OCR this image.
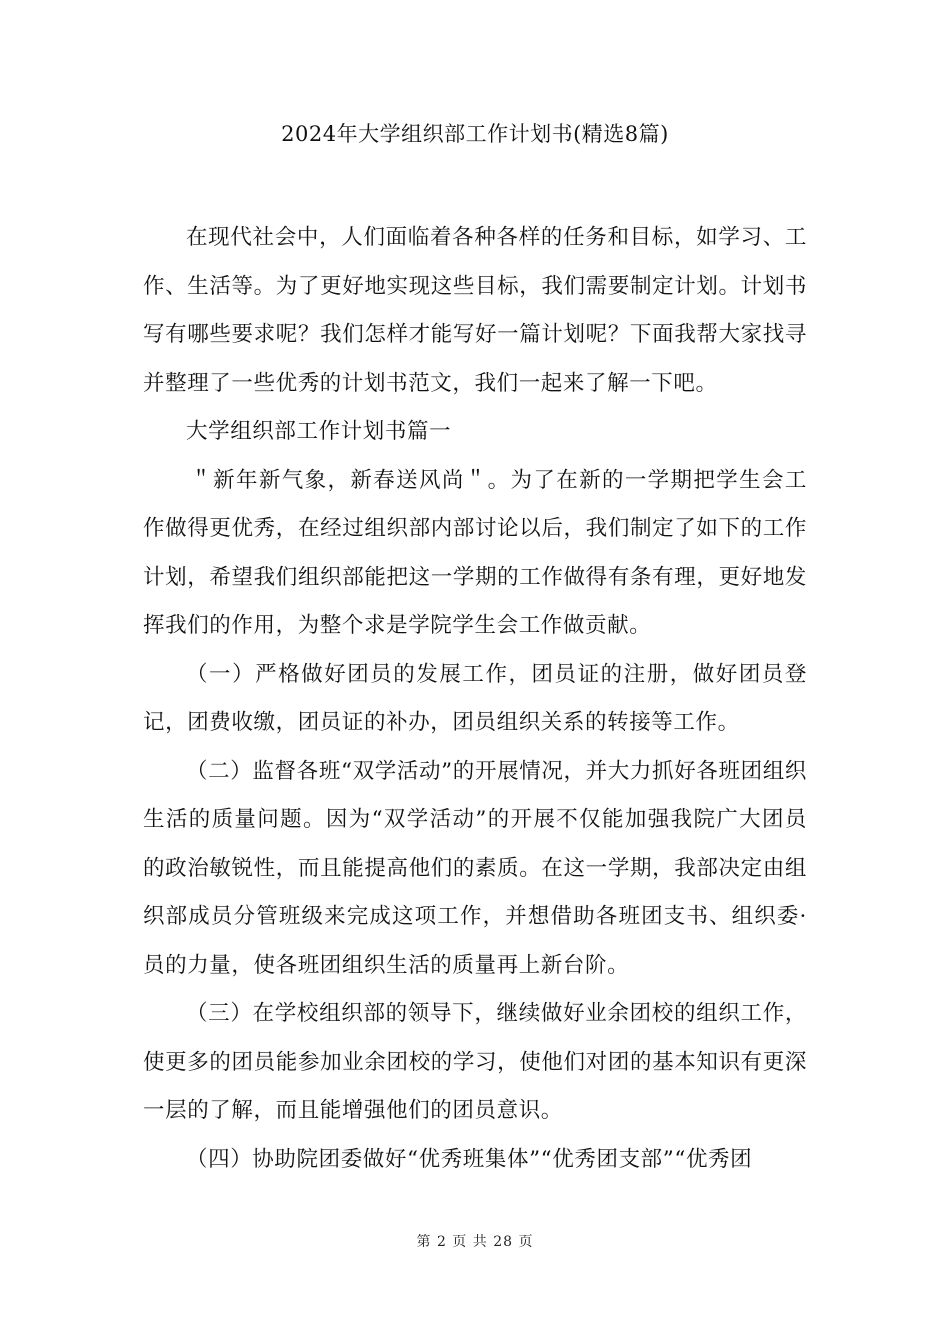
2024年大学组织部工作计划书(精选8篇)

在现代社会中，人们面临着各种各样的任务和目标，如学习、工作、生活等。为了更好地实现这些目标，我们需要制定计划。计划书写有哪些要求呢？我们怎样才能写好一篇计划呢？下面我帮大家找寻并整理了一些优秀的计划书范文，我们一起来了解一下吧。

大学组织部工作计划书篇一

＂新年新气象，新春送风尚＂。为了在新的一学期把学生会工作做得更优秀，在经过组织部内部讨论以后，我们制定了如下的工作计划，希望我们组织部能把这一学期的工作做得有条有理，更好地发挥我们的作用，为整个求是学院学生会工作做贡献。

（一）严格做好团员的发展工作，团员证的注册，做好团员登记，团费收缴，团员证的补办，团员组织关系的转接等工作。

（二）监督各班“双学活动”的开展情况，并大力抓好各班团组织生活的质量问题。因为“双学活动”的开展不仅能加强我院广大团员的政治敏锐性，而且能提高他们的素质。在这一学期，我部决定由组织部成员分管班级来完成这项工作，并想借助各班团支书、组织委·员的力量，使各班团组织生活的质量再上新台阶。

（三）在学校组织部的领导下，继续做好业余团校的组织工作，使更多的团员能参加业余团校的学习，使他们对团的基本知识有更深一层的了解，而且能增强他们的团员意识。

（四）协助院团委做好“优秀班集体”“优秀团支部”“优秀团

第 2 页 共 28 页
